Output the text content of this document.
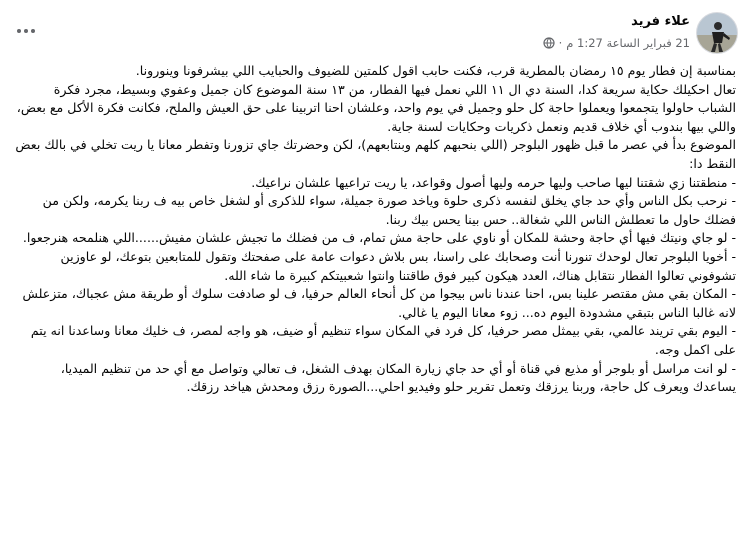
علاء فريد
21 فبراير الساعة 1:27 م
·

بمناسبة إن فطار يوم ١٥ رمضان بالمطرية قرب، فكنت حابب اقول كلمتين للضيوف والحبايب اللي بيشرفونا وينورونا.

تعال احكيلك حكاية سريعة كدا، السنة دي ال ١١ اللي نعمل فيها الفطار، من ١٣ سنة الموضوع كان جميل وعفوي وبسيط، مجرد فكرة الشباب حاولوا يتجمعوا ويعملوا حاجة كل حلو وجميل في يوم واحد، وعلشان احنا اتربينا على حق العيش والملح، فكانت فكرة الأكل مع بعض، واللي بيها بندوب أي خلاف قديم ونعمل ذكريات وحكايات لسنة جاية.

الموضوع بدأ في عصر ما قبل ظهور البلوجر (اللي بنحبهم كلهم وبنتابعهم)، لكن وحضرتك جاي تزورنا وتفطر معانا يا ريت تخلي في بالك بعض النقط دا:

- منطقتنا زي شقتنا ليها صاحب وليها حرمه وليها أصول وقواعد، يا ريت تراعيها علشان نراعيك.

- نرحب بكل الناس وأي حد جاي يخلق لنفسه ذكرى حلوة وياخد صورة جميلة، سواء للذكرى أو لشغل خاص بيه ف ربنا يكرمه، ولكن من فضلك حاول ما تعطلش الناس اللي شغالة.. حس بينا يحس بيك ربنا.

- لو جاي ونيتك فيها أي حاجة وحشة للمكان أو ناوي على حاجة مش تمام، ف من فضلك ما تجيش علشان مفيش......اللي هنلمحه هنرجعوا.

- أخويا البلوجر تعال لوحدك تنورنا أنت وصحابك على راسنا، بس بلاش دعوات عامة على صفحتك وتقول للمتابعين بتوعك، لو عاوزين تشوفوني تعالوا الفطار نتقابل هناك، العدد هيكون كبير فوق طاقتنا وانتوا شعبيتكم كبيرة ما شاء الله.

- المكان بقي مش مقتصر علينا بس، احنا عندنا ناس بيجوا من كل أنحاء العالم حرفيا، ف لو صادفت سلوك أو طريقة مش عجباك، متزعلش لانه غالبا الناس بتبقي مشدودة اليوم ده... زوء معانا اليوم يا غالي.

- اليوم بقي تريند عالمي، بقي بيمثل مصر حرفيا، كل فرد في المكان سواء تنظيم أو ضيف، هو واجه لمصر، ف خليك معانا وساعدنا انه يتم على اكمل وجه.

- لو انت مراسل أو بلوجر أو مذيع في قناة أو أي حد جاي زيارة المكان بهدف الشغل، ف تعالي وتواصل مع أي حد من تنظيم الميديا، يساعدك ويعرف كل حاجة، وربنا يرزقك وتعمل تقرير حلو وفيديو احلي...الصورة رزق ومحدش هياخد رزقك.
